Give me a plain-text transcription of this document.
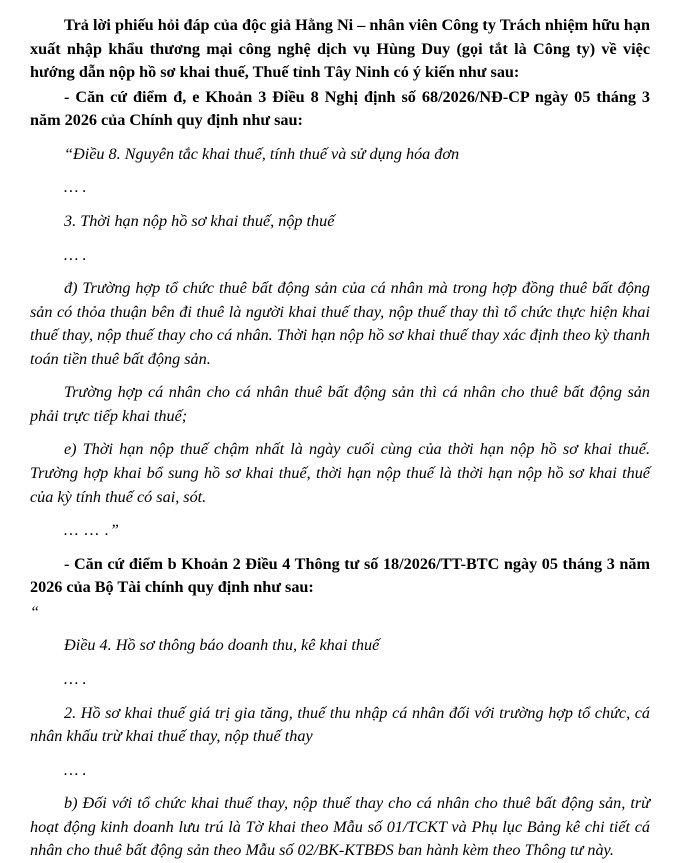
Trả lời phiếu hỏi đáp của độc giả Hằng Ni – nhân viên Công ty Trách nhiệm hữu hạn xuất nhập khẩu thương mại công nghệ dịch vụ Hùng Duy (gọi tắt là Công ty) về việc hướng dẫn nộp hồ sơ khai thuế, Thuế tỉnh Tây Ninh có ý kiến như sau:

- Căn cứ điểm đ, e Khoản 3 Điều 8 Nghị định số 68/2026/NĐ-CP ngày 05 tháng 3 năm 2026 của Chính quy định như sau:

“Điều 8. Nguyên tắc khai thuế, tính thuế và sử dụng hóa đơn

… .

3. Thời hạn nộp hồ sơ khai thuế, nộp thuế

… .

đ) Trường hợp tổ chức thuê bất động sản của cá nhân mà trong hợp đồng thuê bất động sản có thỏa thuận bên đi thuê là người khai thuế thay, nộp thuế thay thì tổ chức thực hiện khai thuế thay, nộp thuế thay cho cá nhân. Thời hạn nộp hồ sơ khai thuế thay xác định theo kỳ thanh toán tiền thuê bất động sản.

Trường hợp cá nhân cho cá nhân thuê bất động sản thì cá nhân cho thuê bất động sản phải trực tiếp khai thuế;

e) Thời hạn nộp thuế chậm nhất là ngày cuối cùng của thời hạn nộp hồ sơ khai thuế. Trường hợp khai bổ sung hồ sơ khai thuế, thời hạn nộp thuế là thời hạn nộp hồ sơ khai thuế của kỳ tính thuế có sai, sót.

… … .”

- Căn cứ điểm b Khoản 2 Điều 4 Thông tư số 18/2026/TT-BTC ngày 05 tháng 3 năm 2026 của Bộ Tài chính quy định như sau:

“

Điều 4. Hồ sơ thông báo doanh thu, kê khai thuế

… .

2. Hồ sơ khai thuế giá trị gia tăng, thuế thu nhập cá nhân đối với trường hợp tổ chức, cá nhân khấu trừ khai thuế thay, nộp thuế thay

… .

b) Đối với tổ chức khai thuế thay, nộp thuế thay cho cá nhân cho thuê bất động sản, trừ hoạt động kinh doanh lưu trú là Tờ khai theo Mẫu số 01/TCKT và Phụ lục Bảng kê chi tiết cá nhân cho thuê bất động sản theo Mẫu số 02/BK-KTBĐS ban hành kèm theo Thông tư này.
